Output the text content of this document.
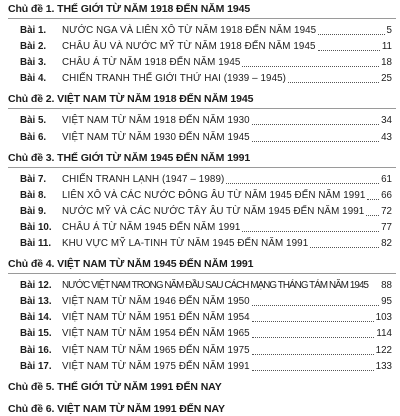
Chủ đề 1. THẾ GIỚI TỪ NĂM 1918 ĐẾN NĂM 1945
Bài 1.	NƯỚC NGA VÀ LIÊN XÔ TỪ NĂM 1918 ĐẾN NĂM 1945	5
Bài 2.	CHÂU ÂU VÀ NƯỚC MỸ TỪ NĂM 1918 ĐẾN NĂM 1945	11
Bài 3.	CHÂU Á TỪ NĂM 1918 ĐẾN NĂM 1945	18
Bài 4.	CHIẾN TRANH THẾ GIỚI THỨ HAI (1939 – 1945)	25
Chủ đề 2. VIỆT NAM TỪ NĂM 1918 ĐẾN NĂM 1945
Bài 5.	VIỆT NAM TỪ NĂM 1918 ĐẾN NĂM 1930	34
Bài 6.	VIỆT NAM TỪ NĂM 1930 ĐẾN NĂM 1945	43
Chủ đề 3. THẾ GIỚI TỪ NĂM 1945 ĐẾN NĂM 1991
Bài 7.	CHIẾN TRANH LẠNH (1947 – 1989)	61
Bài 8.	LIÊN XÔ VÀ CÁC NƯỚC ĐÔNG ÂU TỪ NĂM 1945 ĐẾN NĂM 1991 66
Bài 9.	NƯỚC MỸ VÀ CÁC NƯỚC TÂY ÂU TỪ NĂM 1945 ĐẾN NĂM 1991 72
Bài 10.	CHÂU Á TỪ NĂM 1945 ĐẾN NĂM 1991	77
Bài 11.	KHU VỰC MỸ LA-TINH TỪ NĂM 1945 ĐẾN NĂM 1991	82
Chủ đề 4. VIỆT NAM TỪ NĂM 1945 ĐẾN NĂM 1991
Bài 12.	NƯỚC VIỆT NAM TRONG NĂM ĐẦU SAU CÁCH MẠNG THÁNG TÁM NĂM 1945 88
Bài 13.	VIỆT NAM TỪ NĂM 1946 ĐẾN NĂM 1950	95
Bài 14.	VIỆT NAM TỪ NĂM 1951 ĐẾN NĂM 1954	103
Bài 15.	VIỆT NAM TỪ NĂM 1954 ĐẾN NĂM 1965	114
Bài 16.	VIỆT NAM TỪ NĂM 1965 ĐẾN NĂM 1975	122
Bài 17.	VIỆT NAM TỪ NĂM 1975 ĐẾN NĂM 1991	133
Chủ đề 5. THẾ GIỚI TỪ NĂM 1991 ĐẾN NAY
Chủ đề 6. VIỆT NAM TỪ NĂM 1991 ĐẾN NAY
